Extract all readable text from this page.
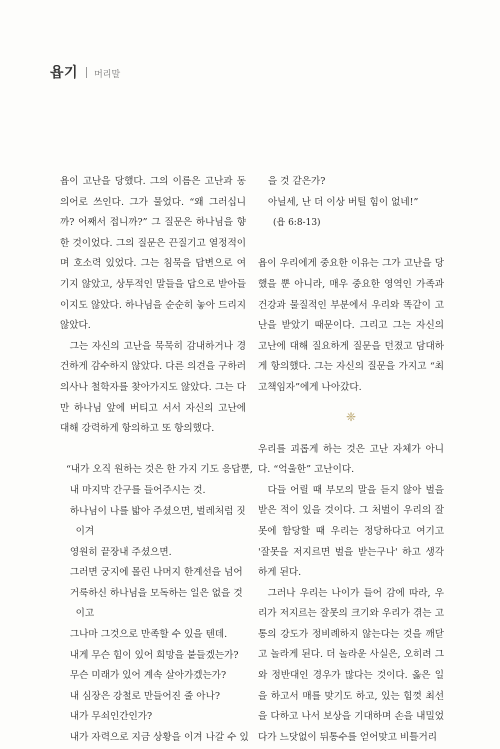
욥기 머리말

욥이 고난을 당했다. 그의 이름은 고난과 동의어로 쓰인다. 그가 물었다. “왜 그러십니까? 어째서 접니까?” 그 질문은 하나님을 향한 것이었다. 그의 질문은 끈질기고 열정적이며 호소력 있었다. 그는 침묵을 답변으로 여기지 않았고, 상투적인 말들을 답으로 받아들이지도 않았다. 하나님을 순순히 놓아 드리지 않았다.

그는 자신의 고난을 묵묵히 감내하거나 경건하게 감수하지 않았다. 다른 의견을 구하러 의사나 철학자를 찾아가지도 않았다. 그는 다만 하나님 앞에 버티고 서서 자신의 고난에 대해 강력하게 항의하고 또 항의했다.

“내가 오직 원하는 것은 한 가지 기도 응답뿐,
내 마지막 간구를 들어주시는 것.
하나님이 나를 밟아 주셨으면, 벌레처럼 짓이겨
영원히 끝장내 주셨으면.
그러면 궁지에 몰린 나머지 한계선을 넘어
거룩하신 하나님을 모독하는 일은 없을 것이고
그나마 그것으로 만족할 수 있을 텐데.
내게 무슨 힘이 있어 희망을 붙들겠는가?
무슨 미래가 있어 계속 살아가겠는가?
내 심장은 강철로 만들어진 줄 아나?
내가 무쇠인간인가?
내가 자력으로 지금 상황을 이겨 나갈 수 있
을 것 같은가?
아닐세, 난 더 이상 버틸 힘이 없네!”
(욥 6:8-13)

욥이 우리에게 중요한 이유는 그가 고난을 당했을 뿐 아니라, 매우 중요한 영역인 가족과 건강과 물질적인 부분에서 우리와 똑같이 고난을 받았기 때문이다. 그리고 그는 자신의 고난에 대해 질요하게 질문을 던졌고 담대하게 항의했다. 그는 자신의 질문을 가지고 “최고책임자”에게 나아갔다.

❈

우리를 괴롭게 하는 것은 고난 자체가 아니다. “억울한” 고난이다.

다들 어릴 때 부모의 말을 듣지 않아 벌을 받은 적이 있을 것이다. 그 처벌이 우리의 잘못에 합당할 때 우리는 정당하다고 여기고 '잘못을 저지르면 벌을 받는구나' 하고 생각하게 된다.

그러나 우리는 나이가 들어 감에 따라, 우리가 저지르는 잘못의 크기와 우리가 겪는 고통의 강도가 정비례하지 않는다는 것을 깨닫고 놀라게 된다. 더 놀라운 사실은, 오히려 그와 정반대인 경우가 많다는 것이다. 옳은 일을 하고서 매를 맞기도 하고, 있는 힘껏 최선을 다하고 나서 보상을 기대하며 손을 내밀었다가 느닷없이 뒤통수를 얻어맞고 비틀거리
